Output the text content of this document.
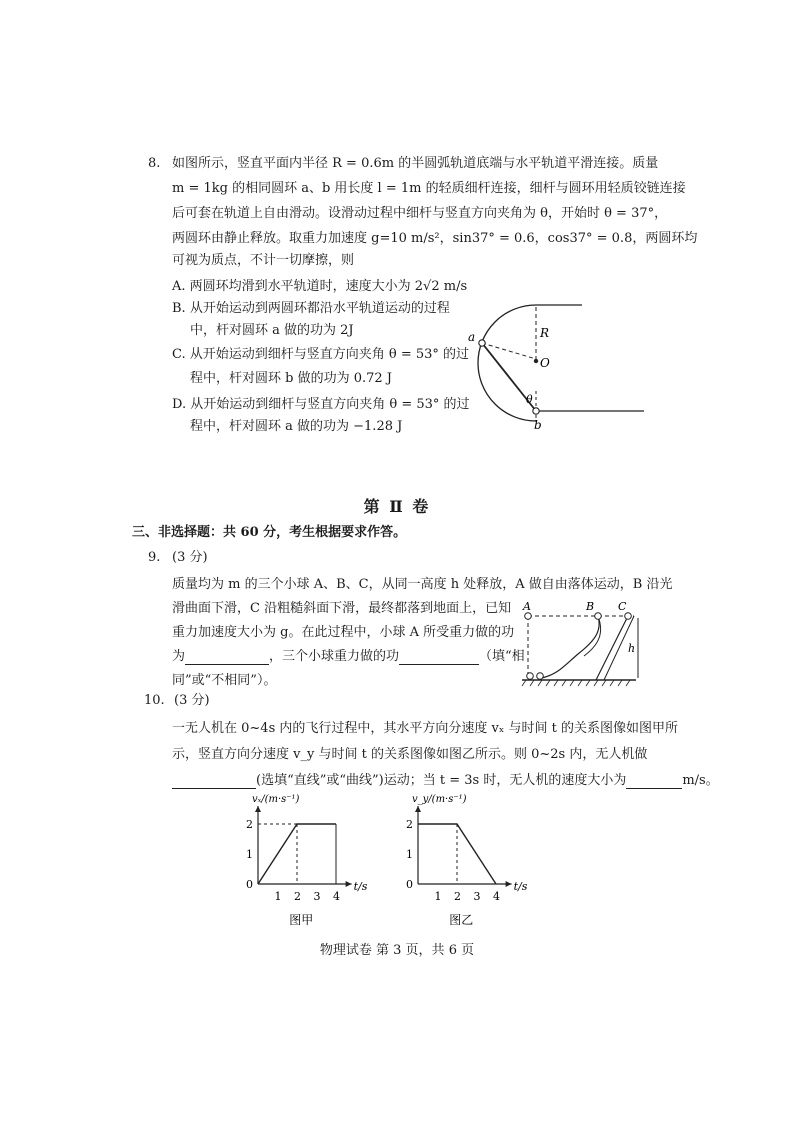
8. 如图所示，竖直平面内半径 R = 0.6m 的半圆弧轨道底端与水平轨道平滑连接。质量
m = 1kg 的相同圆环 a、b 用长度 l = 1m 的轻质细杆连接，细杆与圆环用轻质铰链连接
后可套在轨道上自由滑动。设滑动过程中细杆与竖直方向夹角为 θ，开始时 θ = 37°，
两圆环由静止释放。取重力加速度 g=10 m/s²，sin37° = 0.6，cos37° = 0.8，两圆环均
可视为质点，不计一切摩擦，则
A. 两圆环均滑到水平轨道时，速度大小为 2√2 m/s
B. 从开始运动到两圆环都沿水平轨道运动的过程
中，杆对圆环 a 做的功为 2J
C. 从开始运动到细杆与竖直方向夹角 θ = 53° 的过
程中，杆对圆环 b 做的功为 0.72 J
D. 从开始运动到细杆与竖直方向夹角 θ = 53° 的过
程中，杆对圆环 a 做的功为 −1.28 J
a
b
O
R
θ
第 Ⅱ 卷
三、非选择题：共 60 分，考生根据要求作答。
9. (3 分)
质量均为 m 的三个小球 A、B、C，从同一高度 h 处释放，A 做自由落体运动，B 沿光
滑曲面下滑，C 沿粗糙斜面下滑，最终都落到地面上，已知
重力加速度大小为 g。在此过程中，小球 A 所受重力做的功
为	，三个小球重力做的功	（填“相
同”或“不相同”）。
A	B C
h
10. (3 分)
一无人机在 0~4s 内的飞行过程中，其水平方向分速度 vₓ 与时间 t 的关系图像如图甲所
示，竖直方向分速度 v_y 与时间 t 的关系图像如图乙所示。则 0~2s 内，无人机做
(选填“直线”或“曲线”)运动；当 t = 3s 时，无人机的速度大小为	m/s。
0
1
2
1 2 3 4
vₓ/(m·s⁻¹)
t/s
图甲
0
1
2
1 2 3 4
v_y/(m·s⁻¹)
t/s
图乙
物理试卷 第 3 页，共 6 页
